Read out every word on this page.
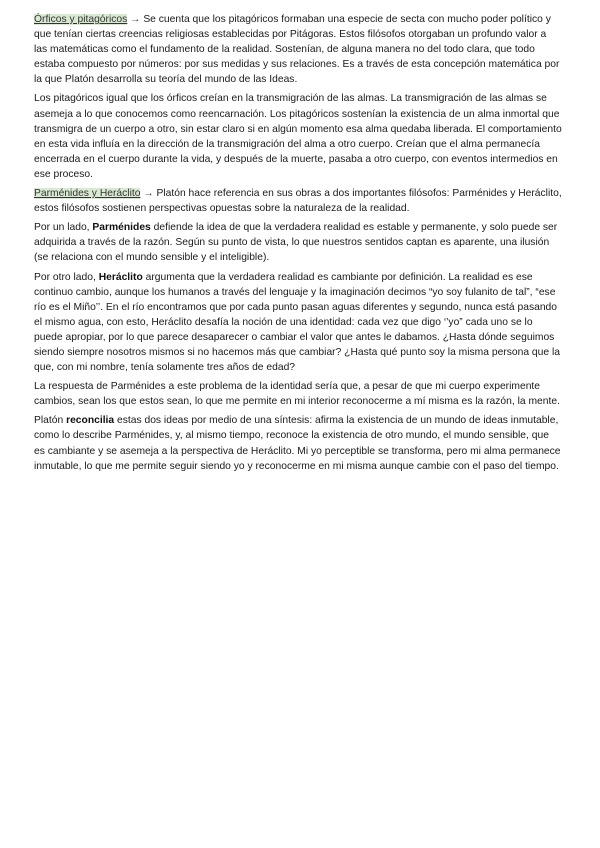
Órficos y pitagóricos → Se cuenta que los pitagóricos formaban una especie de secta con mucho poder político y que tenían ciertas creencias religiosas establecidas por Pitágoras. Estos filósofos otorgaban un profundo valor a las matemáticas como el fundamento de la realidad. Sostenían, de alguna manera no del todo clara, que todo estaba compuesto por números: por sus medidas y sus relaciones. Es a través de esta concepción matemática por la que Platón desarrolla su teoría del mundo de las Ideas.

Los pitagóricos igual que los órficos creían en la transmigración de las almas. La transmigración de las almas se asemeja a lo que conocemos como reencarnación. Los pitagóricos sostenían la existencia de un alma inmortal que transmigra de un cuerpo a otro, sin estar claro si en algún momento esa alma quedaba liberada. El comportamiento en esta vida influía en la dirección de la transmigración del alma a otro cuerpo. Creían que el alma permanecía encerrada en el cuerpo durante la vida, y después de la muerte, pasaba a otro cuerpo, con eventos intermedios en ese proceso.

Parménides y Heráclito → Platón hace referencia en sus obras a dos importantes filósofos: Parménides y Heráclito, estos filósofos sostienen perspectivas opuestas sobre la naturaleza de la realidad.

Por un lado, Parménides defiende la idea de que la verdadera realidad es estable y permanente, y solo puede ser adquirida a través de la razón. Según su punto de vista, lo que nuestros sentidos captan es aparente, una ilusión (se relaciona con el mundo sensible y el inteligible).

Por otro lado, Heráclito argumenta que la verdadera realidad es cambiante por definición. La realidad es ese continuo cambio, aunque los humanos a través del lenguaje y la imaginación decimos “yo soy fulanito de tal”, “ese río es el Miño’’. En el río encontramos que por cada punto pasan aguas diferentes y segundo, nunca está pasando el mismo agua, con esto, Heráclito desafía la noción de una identidad: cada vez que digo ‘’yo” cada uno se lo puede apropiar, por lo que parece desaparecer o cambiar el valor que antes le dabamos. ¿Hasta dónde seguimos siendo siempre nosotros mismos si no hacemos más que cambiar? ¿Hasta qué punto soy la misma persona que la que, con mi nombre, tenía solamente tres años de edad?

La respuesta de Parménides a este problema de la identidad sería que, a pesar de que mi cuerpo experimente cambios, sean los que estos sean, lo que me permite en mi interior reconocerme a mí misma es la razón, la mente.

Platón reconcilia estas dos ideas por medio de una síntesis: afirma la existencia de un mundo de ideas inmutable, como lo describe Parménides, y, al mismo tiempo, reconoce la existencia de otro mundo, el mundo sensible, que es cambiante y se asemeja a la perspectiva de Heráclito. Mi yo perceptible se transforma, pero mi alma permanece inmutable, lo que me permite seguir siendo yo y reconocerme en mi misma aunque cambie con el paso del tiempo.
